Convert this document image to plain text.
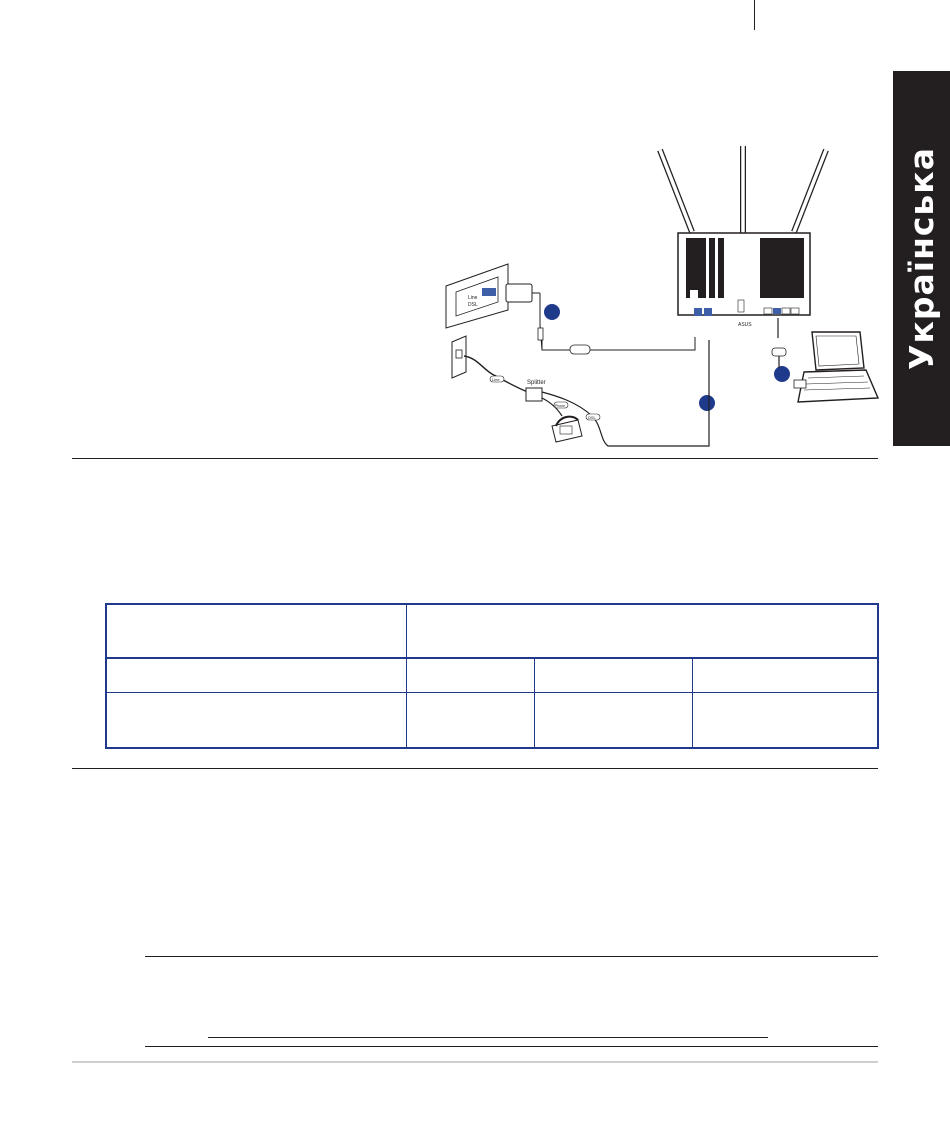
Українська
Line
DSL
Line
Splitter
DSL
Phone
ASUS
